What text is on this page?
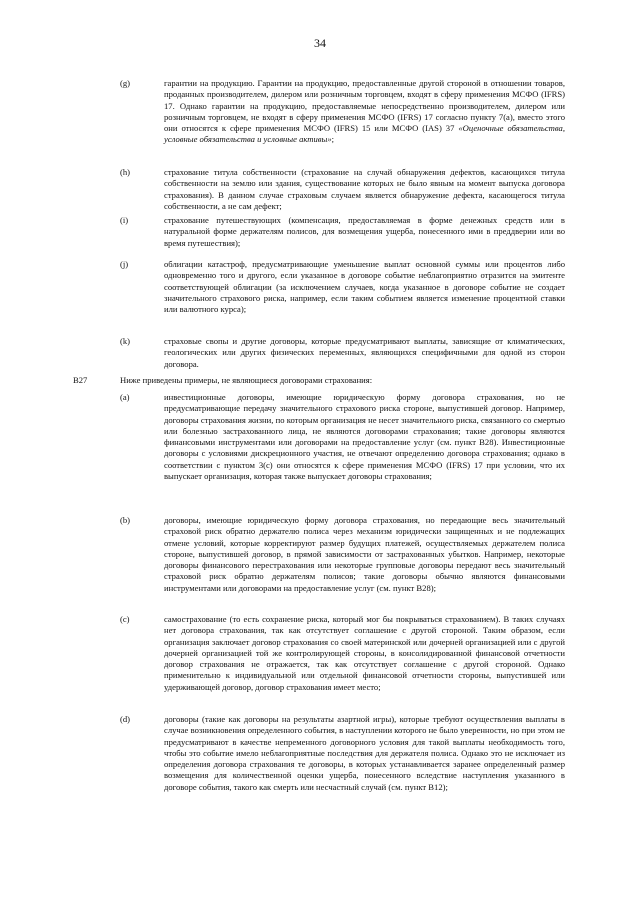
34
(g)	гарантии на продукцию. Гарантии на продукцию, предоставленные другой стороной в отношении товаров, проданных производителем, дилером или розничным торговцем, входят в сферу применения МСФО (IFRS) 17. Однако гарантии на продукцию, предоставляемые непосредственно производителем, дилером или розничным торговцем, не входят в сферу применения МСФО (IFRS) 17 согласно пункту 7(a), вместо этого они относятся к сфере применения МСФО (IFRS) 15 или МСФО (IAS) 37 «Оценочные обязательства, условные обязательства и условные активы»;
(h)	страхование титула собственности (страхование на случай обнаружения дефектов, касающихся титула собственности на землю или здания, существование которых не было явным на момент выпуска договора страхования). В данном случае страховым случаем является обнаружение дефекта, касающегося титула собственности, а не сам дефект;
(i)	страхование путешествующих (компенсация, предоставляемая в форме денежных средств или в натуральной форме держателям полисов, для возмещения ущерба, понесенного ими в преддверии или во время путешествия);
(j)	облигации катастроф, предусматривающие уменьшение выплат основной суммы или процентов либо одновременно того и другого, если указанное в договоре событие неблагоприятно отразится на эмитенте соответствующей облигации (за исключением случаев, когда указанное в договоре событие не создает значительного страхового риска, например, если таким событием является изменение процентной ставки или валютного курса);
(k)	страховые свопы и другие договоры, которые предусматривают выплаты, зависящие от климатических, геологических или других физических переменных, являющихся специфичными для одной из сторон договора.
B27	Ниже приведены примеры, не являющиеся договорами страхования:
(a)	инвестиционные договоры, имеющие юридическую форму договора страхования, но не предусматривающие передачу значительного страхового риска стороне, выпустившей договор. Например, договоры страхования жизни, по которым организация не несет значительного риска, связанного со смертью или болезнью застрахованного лица, не являются договорами страхования; такие договоры являются финансовыми инструментами или договорами на предоставление услуг (см. пункт B28). Инвестиционные договоры с условиями дискреционного участия, не отвечают определению договора страхования; однако в соответствии с пунктом 3(c) они относятся к сфере применения МСФО (IFRS) 17 при условии, что их выпускает организация, которая также выпускает договоры страхования;
(b)	договоры, имеющие юридическую форму договора страхования, но передающие весь значительный страховой риск обратно держателю полиса через механизм юридически защищенных и не подлежащих отмене условий, которые корректируют размер будущих платежей, осуществляемых держателем полиса стороне, выпустившей договор, в прямой зависимости от застрахованных убытков. Например, некоторые договоры финансового перестрахования или некоторые групповые договоры передают весь значительный страховой риск обратно держателям полисов; такие договоры обычно являются финансовыми инструментами или договорами на предоставление услуг (см. пункт B28);
(c)	самострахование (то есть сохранение риска, который мог бы покрываться страхованием). В таких случаях нет договора страхования, так как отсутствует соглашение с другой стороной. Таким образом, если организация заключает договор страхования со своей материнской или дочерней организацией или с другой дочерней организацией той же контролирующей стороны, в консолидированной финансовой отчетности договор страхования не отражается, так как отсутствует соглашение с другой стороной. Однако применительно к индивидуальной или отдельной финансовой отчетности стороны, выпустившей или удерживающей договор, договор страхования имеет место;
(d)	договоры (такие как договоры на результаты азартной игры), которые требуют осуществления выплаты в случае возникновения определенного события, в наступлении которого не было уверенности, но при этом не предусматривают в качестве непременного договорного условия для такой выплаты необходимость того, чтобы это событие имело неблагоприятные последствия для держателя полиса. Однако это не исключает из определения договора страхования те договоры, в которых устанавливается заранее определенный размер возмещения для количественной оценки ущерба, понесенного вследствие наступления указанного в договоре события, такого как смерть или несчастный случай (см. пункт B12);
